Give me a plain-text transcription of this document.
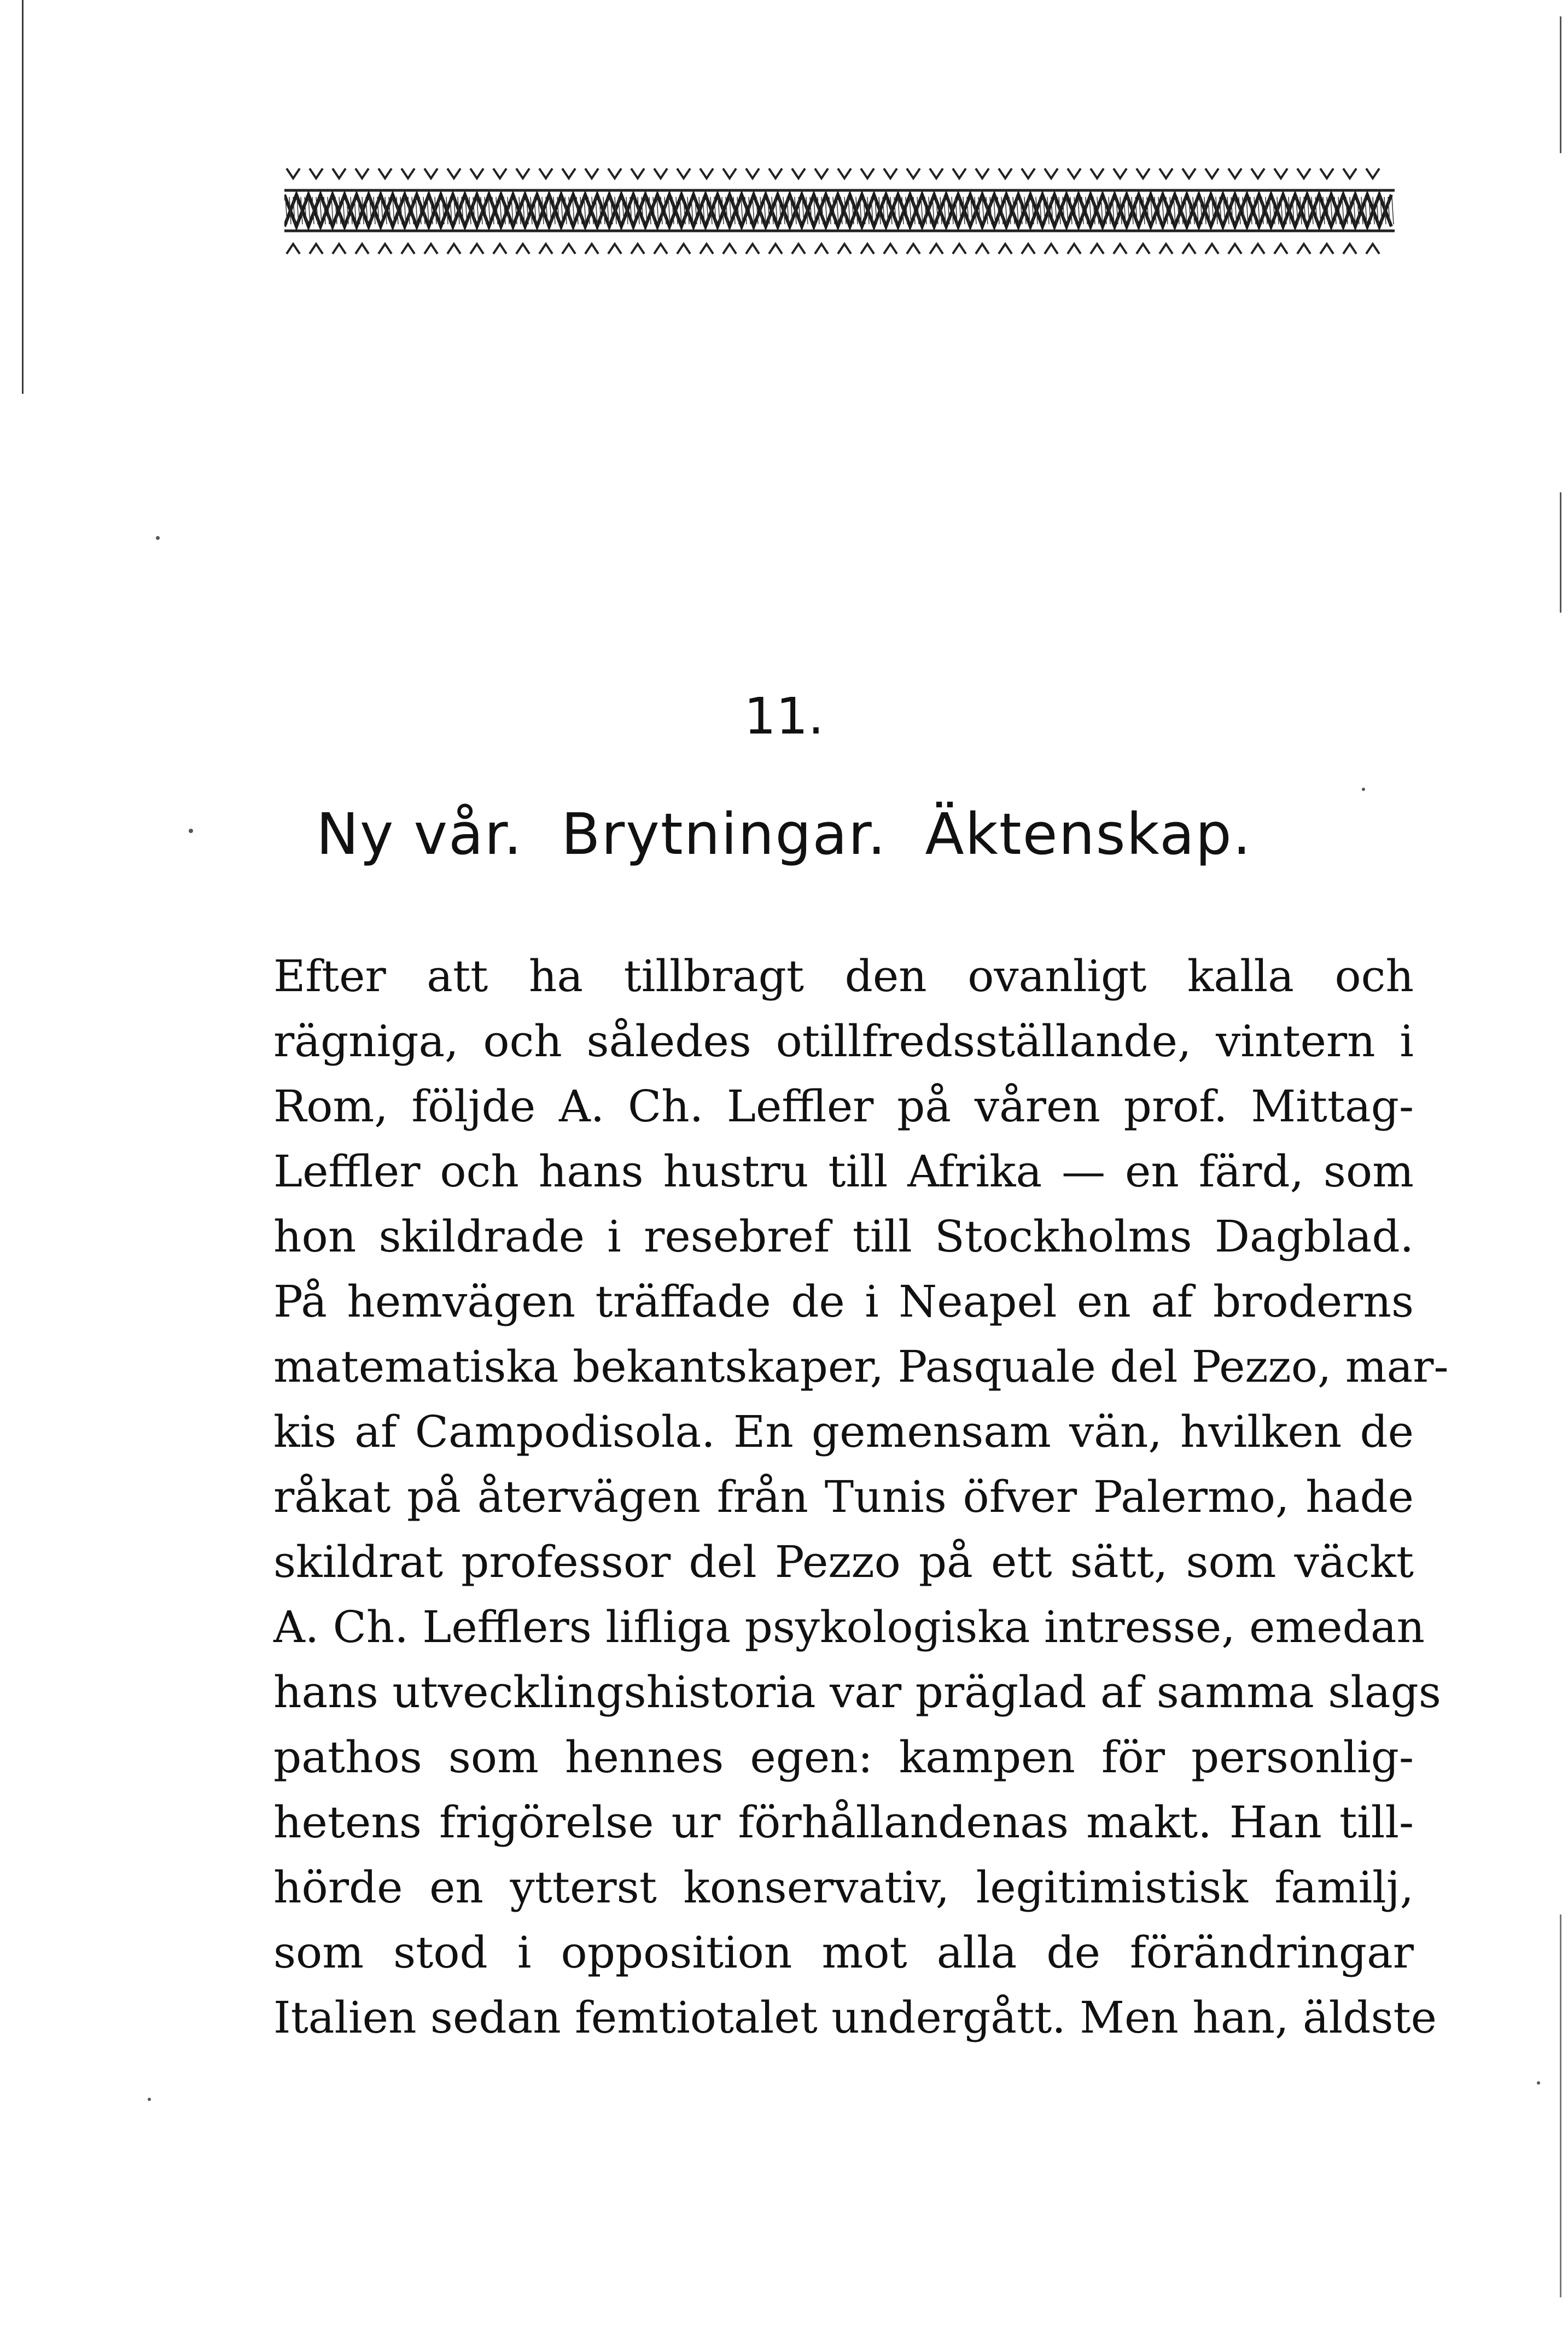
11.
Ny vår.  Brytningar.  Äktenskap.
Efter att ha tillbragt den ovanligt kalla och
rägniga, och således otillfredsställande, vintern i
Rom, följde A. Ch. Leffler på våren prof. Mittag-
Leffler och hans hustru till Afrika — en färd, som
hon skildrade i resebref till Stockholms Dagblad.
På hemvägen träffade de i Neapel en af broderns
matematiska bekantskaper, Pasquale del Pezzo, mar-
kis af Campodisola. En gemensam vän, hvilken de
råkat på återvägen från Tunis öfver Palermo, hade
skildrat professor del Pezzo på ett sätt, som väckt
A. Ch. Lefflers lifliga psykologiska intresse, emedan
hans utvecklingshistoria var präglad af samma slags
pathos som hennes egen: kampen för personlig-
hetens frigörelse ur förhållandenas makt. Han till-
hörde en ytterst konservativ, legitimistisk familj,
som stod i opposition mot alla de förändringar
Italien sedan femtiotalet undergått. Men han, äldste
